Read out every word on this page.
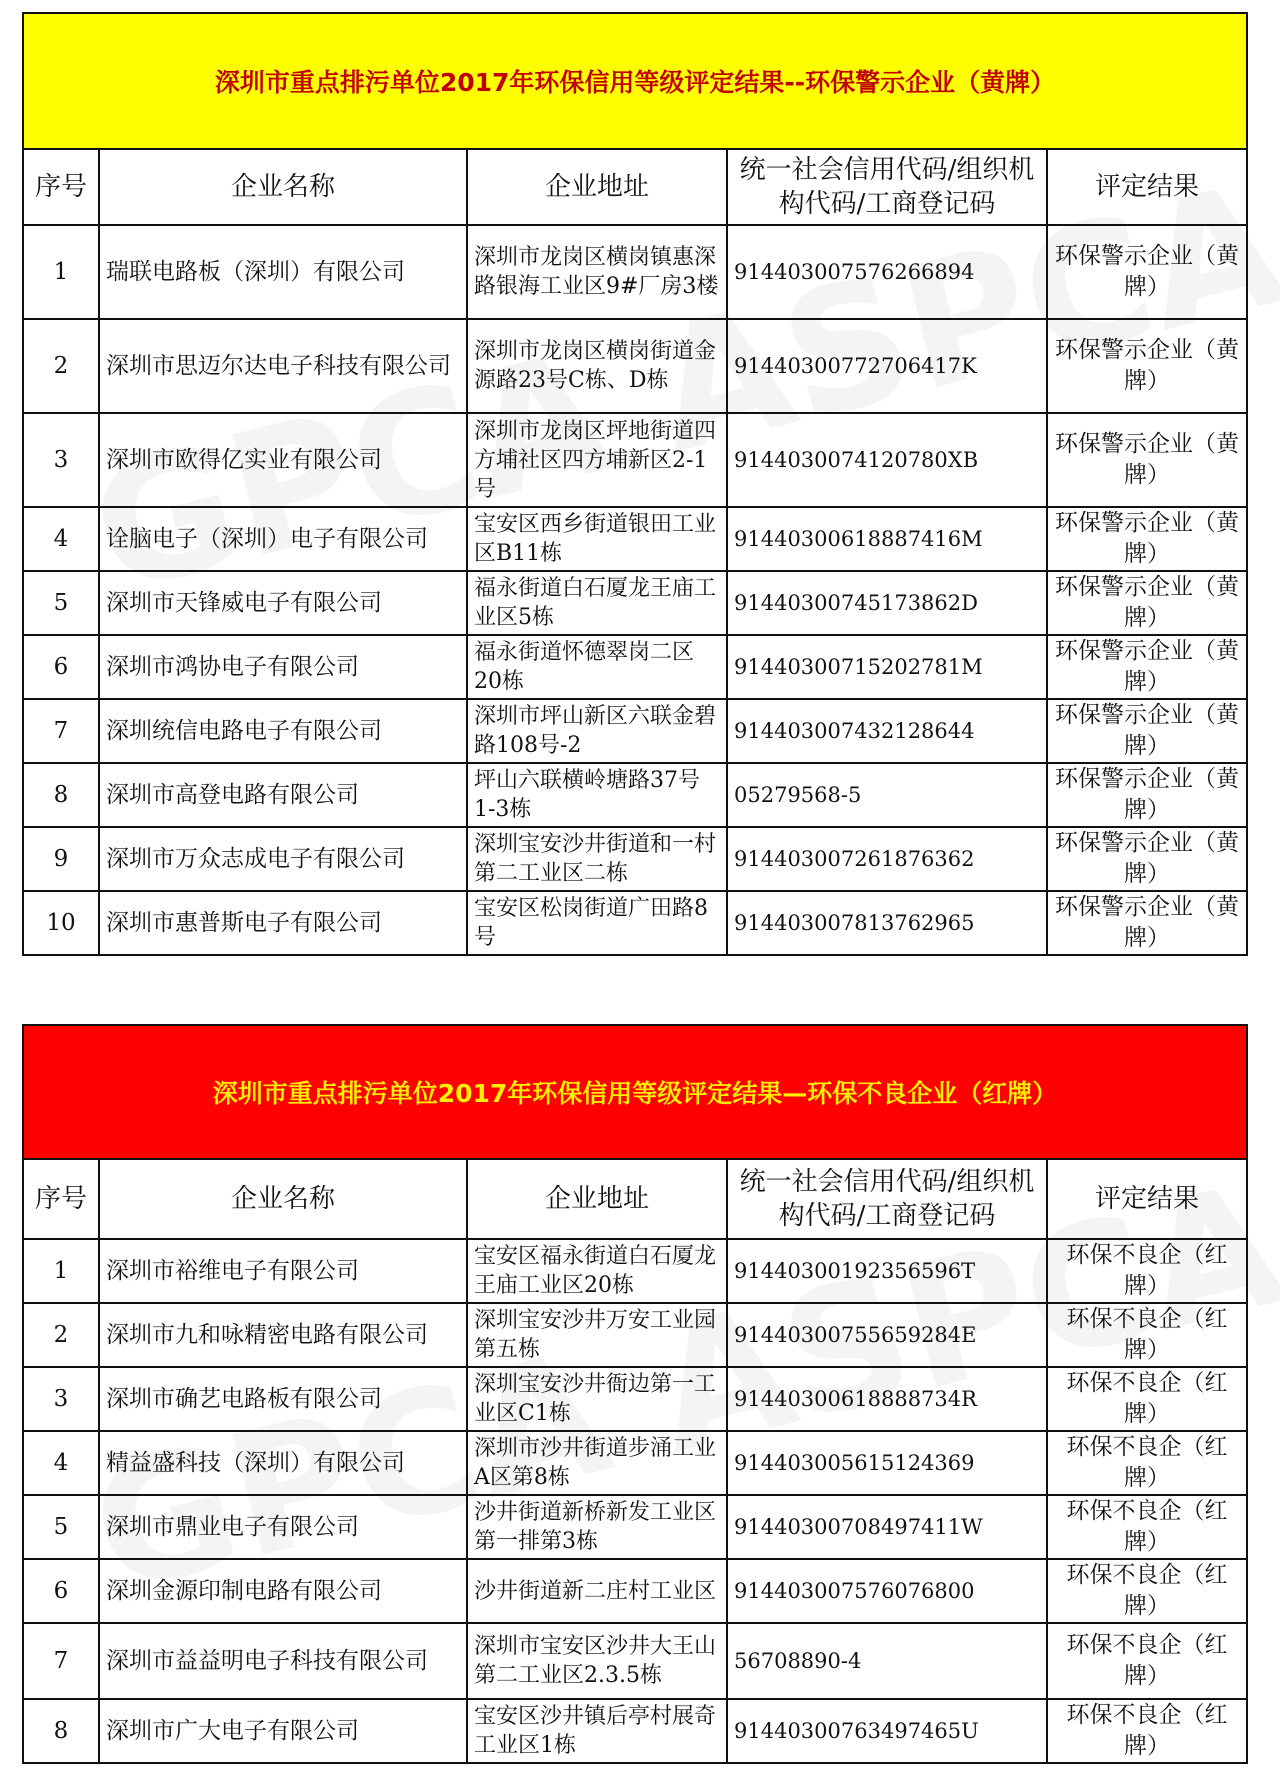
深圳市重点排污单位2017年环保信用等级评定结果--环保警示企业（黄牌）
序号	企业名称	企业地址	统一社会信用代码/组织机构代码/工商登记码	评定结果
1	瑞联电路板（深圳）有限公司	深圳市龙岗区横岗镇惠深路银海工业区9#厂房3楼	914403007576266894	环保警示企业（黄牌）
2	深圳市思迈尔达电子科技有限公司	深圳市龙岗区横岗街道金源路23号C栋、D栋	91440300772706417K	环保警示企业（黄牌）
3	深圳市欧得亿实业有限公司	深圳市龙岗区坪地街道四方埔社区四方埔新区2-1号	9144030074120780XB	环保警示企业（黄牌）
4	诠脑电子（深圳）电子有限公司	宝安区西乡街道银田工业区B11栋	91440300618887416M	环保警示企业（黄牌）
5	深圳市天锋威电子有限公司	福永街道白石厦龙王庙工业区5栋	91440300745173862D	环保警示企业（黄牌）
6	深圳市鸿协电子有限公司	福永街道怀德翠岗二区20栋	91440300715202781M	环保警示企业（黄牌）
7	深圳统信电路电子有限公司	深圳市坪山新区六联金碧路108号-2	914403007432128644	环保警示企业（黄牌）
8	深圳市高登电路有限公司	坪山六联横岭塘路37号1-3栋	05279568-5	环保警示企业（黄牌）
9	深圳市万众志成电子有限公司	深圳宝安沙井街道和一村第二工业区二栋	914403007261876362	环保警示企业（黄牌）
10	深圳市惠普斯电子有限公司	宝安区松岗街道广田路8号	914403007813762965	环保警示企业（黄牌）
深圳市重点排污单位2017年环保信用等级评定结果—环保不良企业（红牌）
序号	企业名称	企业地址	统一社会信用代码/组织机构代码/工商登记码	评定结果
1	深圳市裕维电子有限公司	宝安区福永街道白石厦龙王庙工业区20栋	91440300192356596T	环保不良企（红牌）
2	深圳市九和咏精密电路有限公司	深圳宝安沙井万安工业园第五栋	91440300755659284E	环保不良企（红牌）
3	深圳市确艺电路板有限公司	深圳宝安沙井衙边第一工业区C1栋	91440300618888734R	环保不良企（红牌）
4	精益盛科技（深圳）有限公司	深圳市沙井街道步涌工业A区第8栋	914403005615124369	环保不良企（红牌）
5	深圳市鼎业电子有限公司	沙井街道新桥新发工业区第一排第3栋	91440300708497411W	环保不良企（红牌）
6	深圳金源印制电路有限公司	沙井街道新二庄村工业区	914403007576076800	环保不良企（红牌）
7	深圳市益益明电子科技有限公司	深圳市宝安区沙井大王山第二工业区2.3.5栋	56708890-4	环保不良企（红牌）
8	深圳市广大电子有限公司	宝安区沙井镇后亭村展奇工业区1栋	91440300763497465U	环保不良企（红牌）
